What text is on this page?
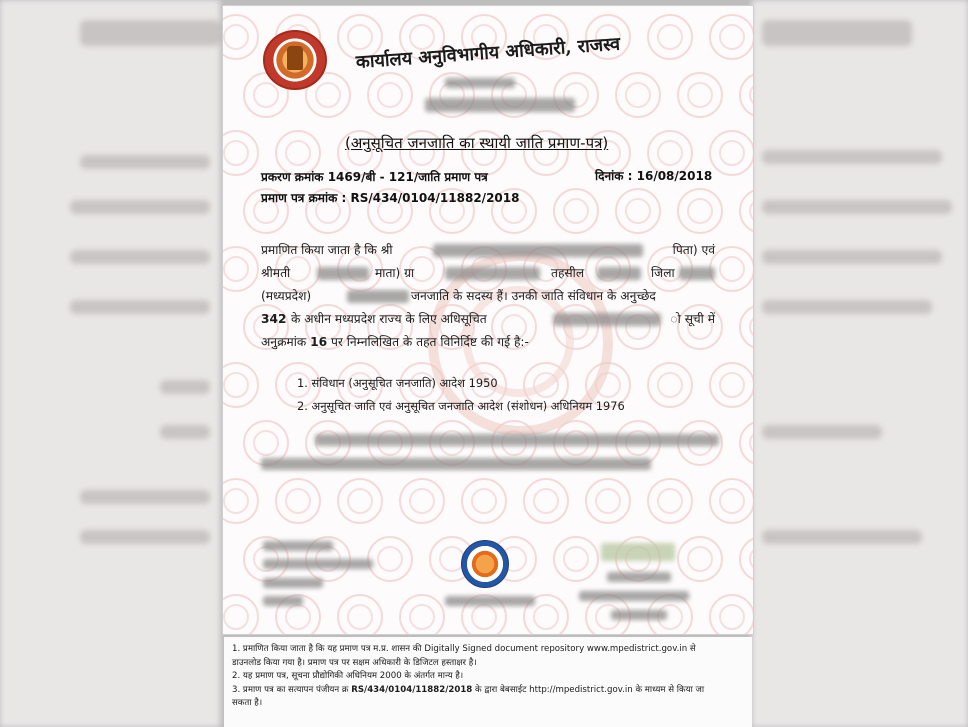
कार्यालय अनुविभागीय अधिकारी, राजस्व
(अनुसूचित जनजाति का स्थायी जाति प्रमाण-पत्र)
प्रकरण क्रमांक 1469/बी - 121/जाति प्रमाण पत्र	दिनांक : 16/08/2018
प्रमाण पत्र क्रमांक : RS/434/0104/11882/2018
प्रमाणित किया जाता है कि श्री	पिता) एवं
श्रीमती	माता) ग्रा	तहसील	जिला
(मध्यप्रदेश)	जनजाति के सदस्य हैं। उनकी जाति संविधान के अनुच्छेद
342 के अधीन मध्यप्रदेश राज्य के लिए अधिसूचित	ो सूची में
अनुक्रमांक 16 पर निम्नलिखित के तहत विनिर्दिष्ट की गई है:-
1. संविधान (अनुसूचित जनजाति) आदेश 1950
2. अनुसूचित जाति एवं अनुसूचित जनजाति आदेश (संशोधन) अधिनियम 1976

1. प्रमाणित किया जाता है कि यह प्रमाण पत्र म.प्र. शासन की Digitally Signed document repository www.mpedistrict.gov.in से

डाउनलोड किया गया है। प्रमाण पत्र पर सक्षम अधिकारी के डिजिटल हस्ताक्षर है।

2. यह प्रमाण पत्र, सूचना प्रौद्योगिकी अधिनियम 2000 के अंतर्गत मान्य है।

3. प्रमाण पत्र का सत्यापन पंजीयन क्र RS/434/0104/11882/2018 के द्वारा बेबसाईट http://mpedistrict.gov.in के माध्यम से किया जा

सकता है।
